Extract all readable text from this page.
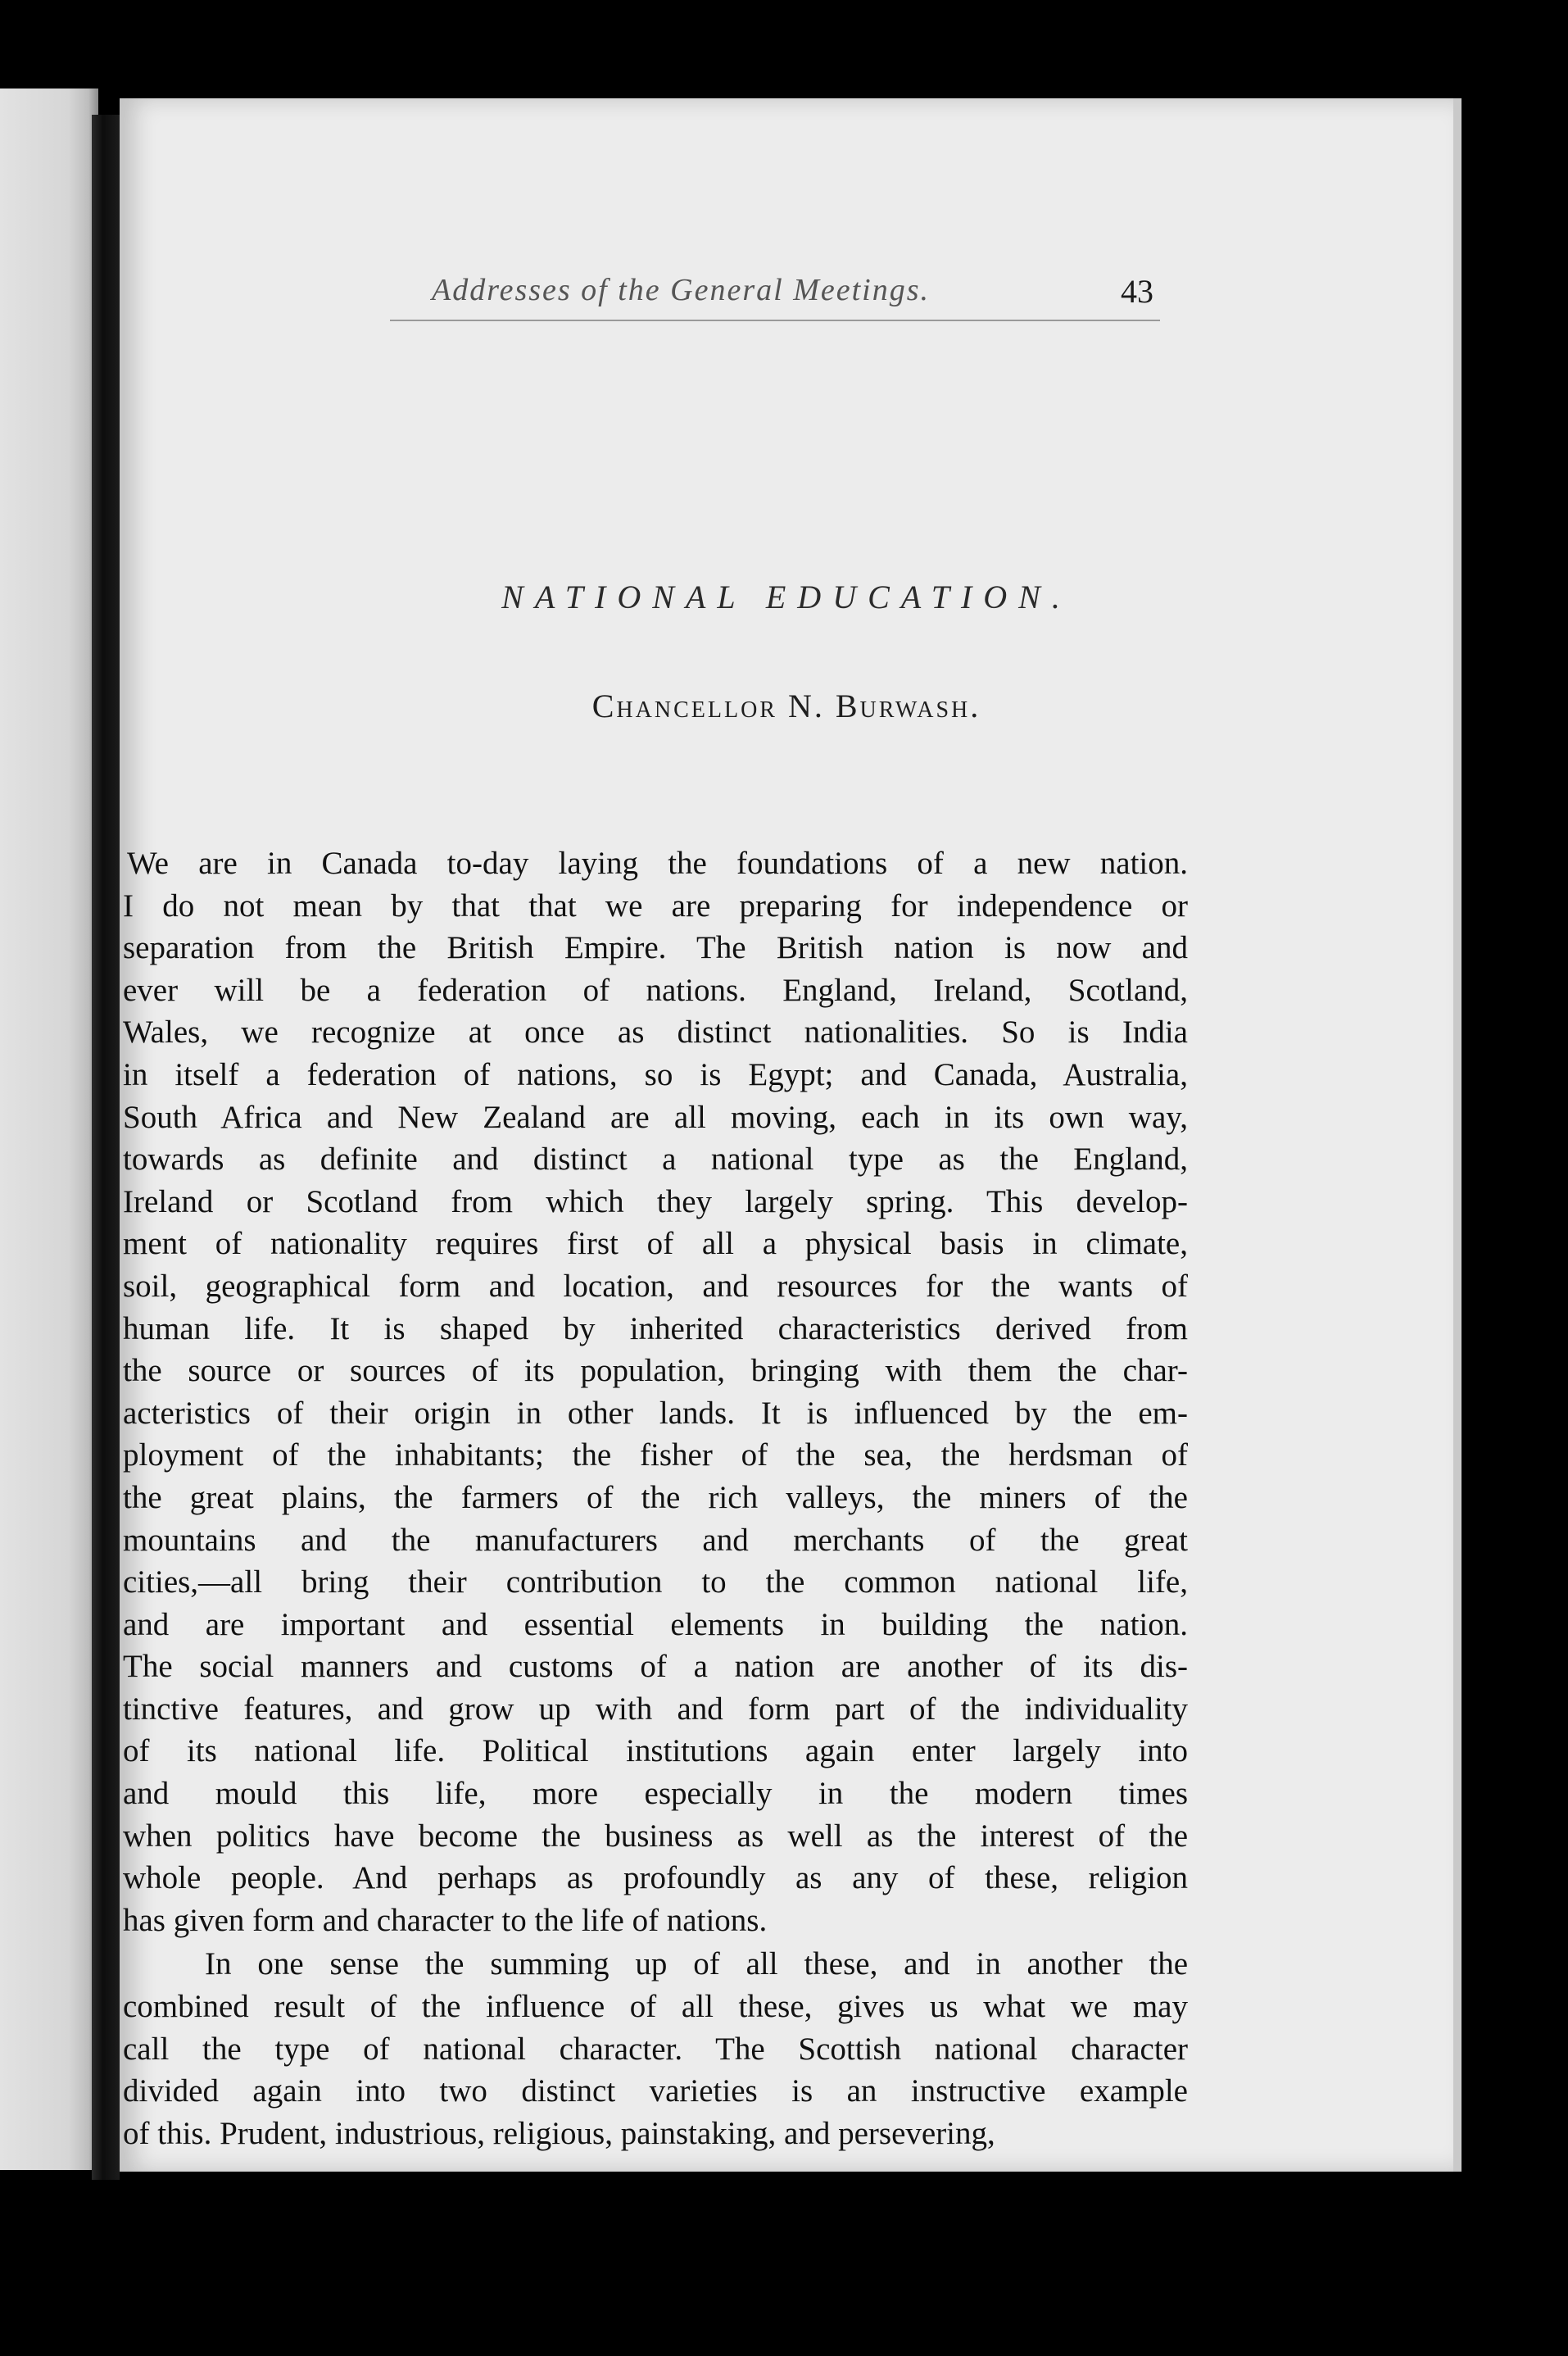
Addresses of the General Meetings.	43
NATIONAL EDUCATION.
Chancellor N. Burwash.
We are in Canada to-day laying the foundations of a new nation.
I do not mean by that that we are preparing for independence or
separation from the British Empire. The British nation is now and
ever will be a federation of nations. England, Ireland, Scotland,
Wales, we recognize at once as distinct nationalities. So is India
in itself a federation of nations, so is Egypt; and Canada, Australia,
South Africa and New Zealand are all moving, each in its own way,
towards as definite and distinct a national type as the England,
Ireland or Scotland from which they largely spring. This develop-
ment of nationality requires first of all a physical basis in climate,
soil, geographical form and location, and resources for the wants of
human life. It is shaped by inherited characteristics derived from
the source or sources of its population, bringing with them the char-
acteristics of their origin in other lands. It is influenced by the em-
ployment of the inhabitants; the fisher of the sea, the herdsman of
the great plains, the farmers of the rich valleys, the miners of the
mountains and the manufacturers and merchants of the great
cities,—all bring their contribution to the common national life,
and are important and essential elements in building the nation.
The social manners and customs of a nation are another of its dis-
tinctive features, and grow up with and form part of the individuality
of its national life. Political institutions again enter largely into
and mould this life, more especially in the modern times
when politics have become the business as well as the interest of the
whole people. And perhaps as profoundly as any of these, religion
has given form and character to the life of nations.
In one sense the summing up of all these, and in another the
combined result of the influence of all these, gives us what we may
call the type of national character. The Scottish national character
divided again into two distinct varieties is an instructive example
of this. Prudent, industrious, religious, painstaking, and persevering,
